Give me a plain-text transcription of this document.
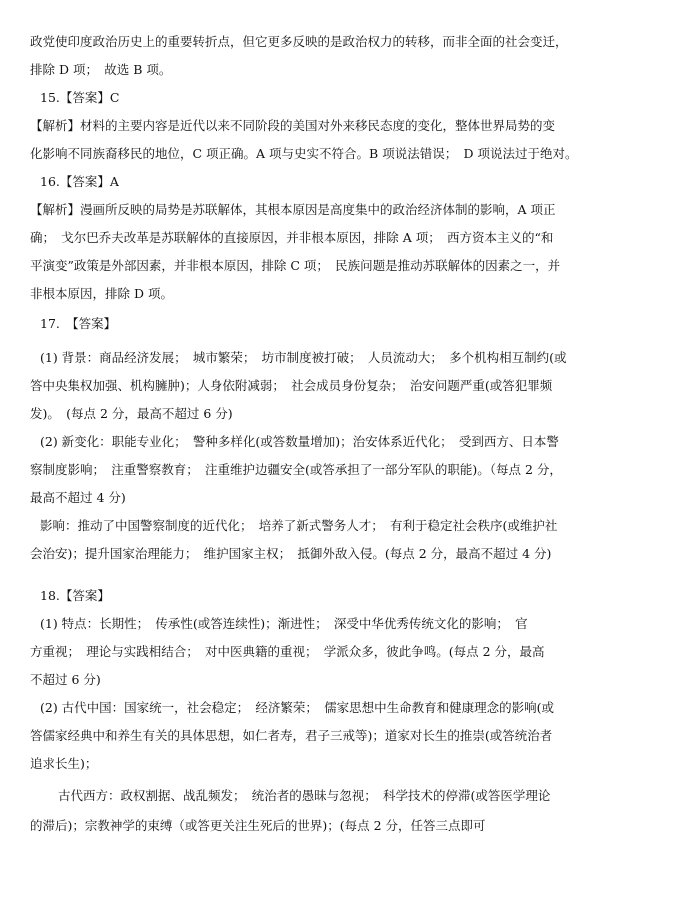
政党使印度政治历史上的重要转折点，但它更多反映的是政治权力的转移，而非全面的社会变迁，
排除 D 项；　故选 B 项。
15.【答案】C
【解析】材料的主要内容是近代以来不同阶段的美国对外来移民态度的变化，整体世界局势的变
化影响不同族裔移民的地位，C 项正确。A 项与史实不符合。B 项说法错误；　D 项说法过于绝对。
16.【答案】A
【解析】漫画所反映的局势是苏联解体，其根本原因是高度集中的政治经济体制的影响，A 项正
确；　戈尔巴乔夫改革是苏联解体的直接原因，并非根本原因，排除 A 项；　西方资本主义的“和
平演变”政策是外部因素，并非根本原因，排除 C 项；　民族问题是推动苏联解体的因素之一，并
非根本原因，排除 D 项。
17.　【答案】
(1) 背景：商品经济发展；　城市繁荣；　坊市制度被打破；　人员流动大；　多个机构相互制约(或
答中央集权加强、机构臃肿)；人身依附减弱；　社会成员身份复杂；　治安问题严重(或答犯罪频
发)。　(每点 2 分，最高不超过 6 分)
(2) 新变化：职能专业化；　警种多样化(或答数量增加)；治安体系近代化；　受到西方、日本警
察制度影响；　注重警察教育；　注重维护边疆安全(或答承担了一部分军队的职能)。（每点 2 分，
最高不超过 4 分)
影响：推动了中国警察制度的近代化；　培养了新式警务人才；　有利于稳定社会秩序(或维护社
会治安)；提升国家治理能力；　维护国家主权；　抵御外敌入侵。(每点 2 分，最高不超过 4 分)
18.【答案】
(1) 特点：长期性；　传承性(或答连续性)；渐进性；　深受中华优秀传统文化的影响；　官
方重视；　理论与实践相结合；　对中医典籍的重视；　学派众多，彼此争鸣。(每点 2 分，最高
不超过 6 分)
(2) 古代中国：国家统一，社会稳定；　经济繁荣；　儒家思想中生命教育和健康理念的影响(或
答儒家经典中和养生有关的具体思想，如仁者寿，君子三戒等)；道家对长生的推崇(或答统治者
追求长生)；
古代西方：政权割据、战乱频发；　统治者的愚昧与忽视；　科学技术的停滞(或答医学理论
的滞后)；宗教神学的束缚（或答更关注生死后的世界)；(每点 2 分，任答三点即可
